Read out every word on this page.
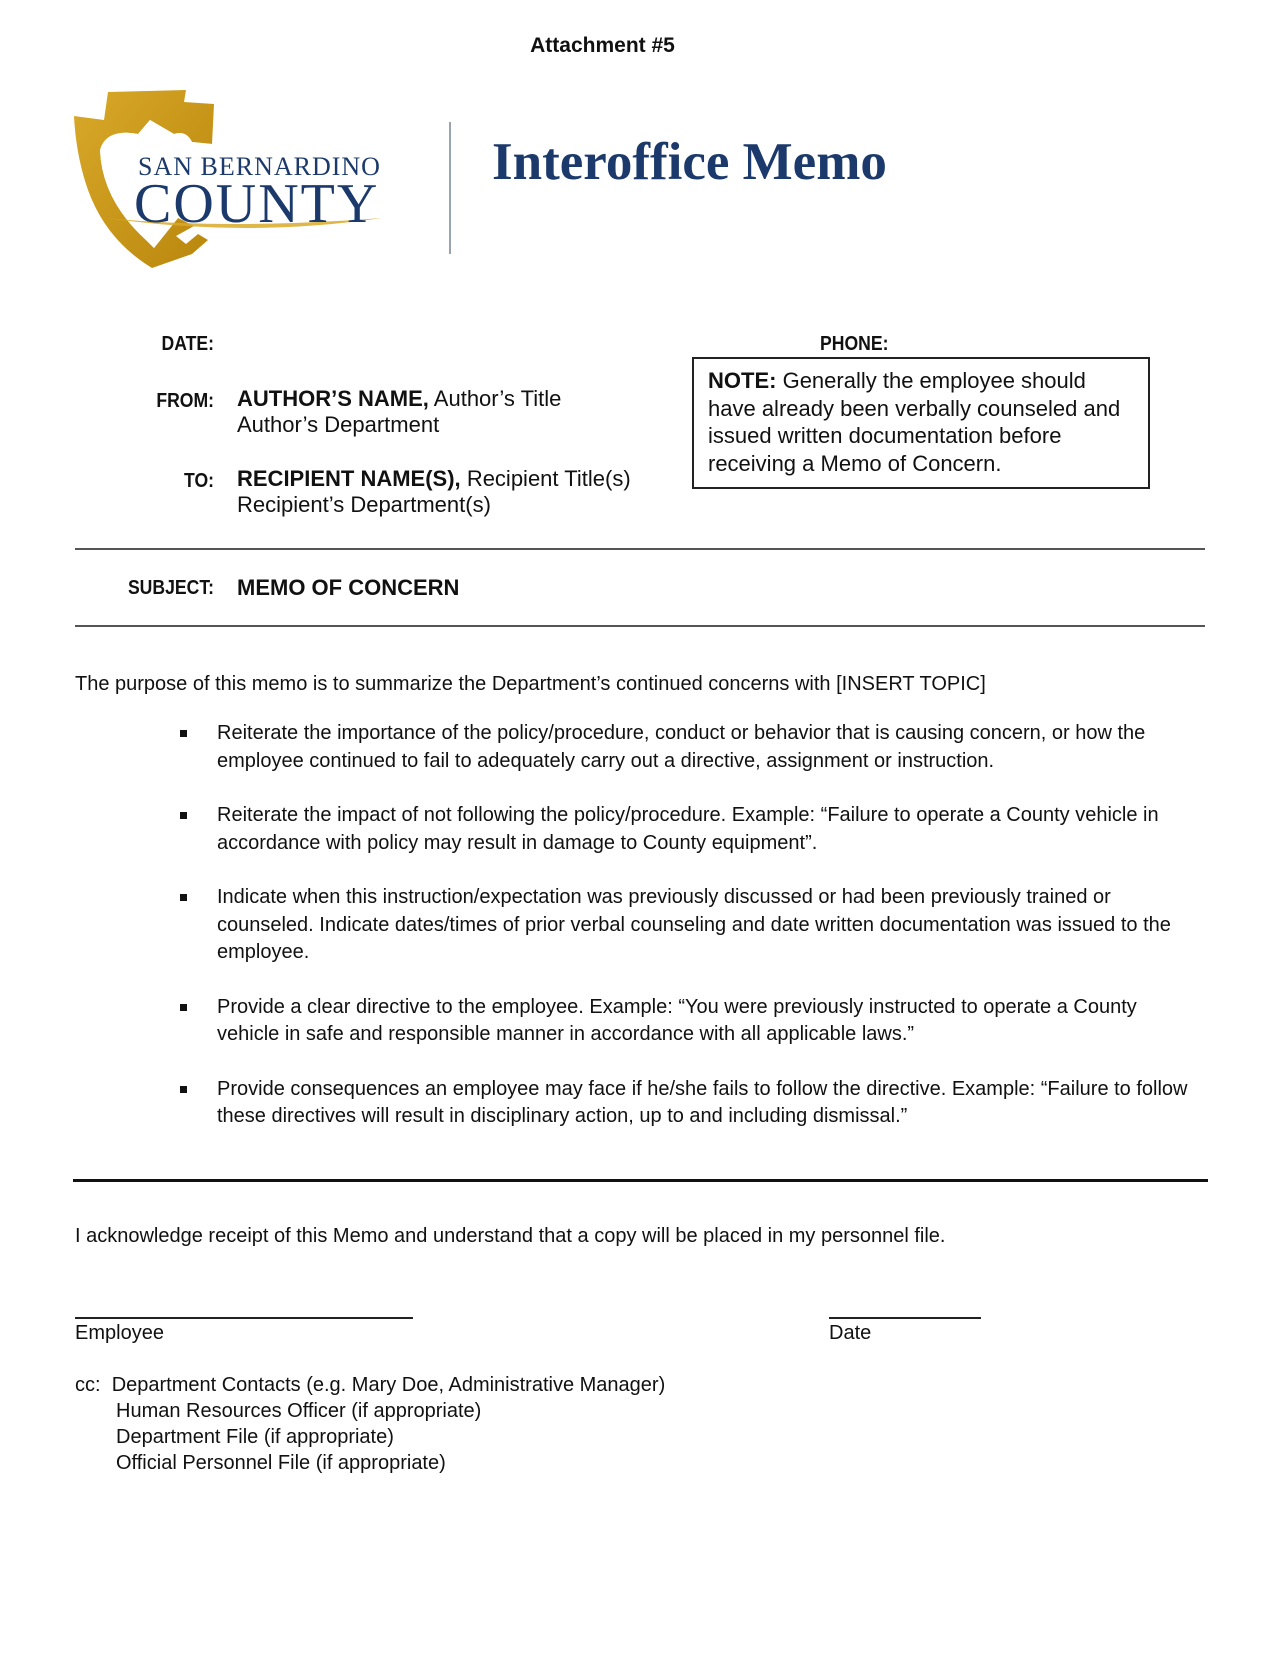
Attachment #5
SAN BERNARDINO
COUNTY
Interoffice Memo
DATE:	PHONE:
FROM: AUTHOR’S NAME, Author’s Title
Author’s Department
TO: RECIPIENT NAME(S), Recipient Title(s)
Recipient’s Department(s)
NOTE: Generally the employee should have already been verbally counseled and issued written documentation before receiving a Memo of Concern.
SUBJECT: MEMO OF CONCERN
The purpose of this memo is to summarize the Department’s continued concerns with [INSERT TOPIC]
Reiterate the importance of the policy/procedure, conduct or behavior that is causing concern, or how the employee continued to fail to adequately carry out a directive, assignment or instruction.
Reiterate the impact of not following the policy/procedure. Example: “Failure to operate a County vehicle in accordance with policy may result in damage to County equipment”.
Indicate when this instruction/expectation was previously discussed or had been previously trained or counseled. Indicate dates/times of prior verbal counseling and date written documentation was issued to the employee.
Provide a clear directive to the employee. Example: “You were previously instructed to operate a County vehicle in safe and responsible manner in accordance with all applicable laws.”
Provide consequences an employee may face if he/she fails to follow the directive. Example: “Failure to follow these directives will result in disciplinary action, up to and including dismissal.”
I acknowledge receipt of this Memo and understand that a copy will be placed in my personnel file.
Employee	Date
cc: Department Contacts (e.g. Mary Doe, Administrative Manager)
Human Resources Officer (if appropriate)
Department File (if appropriate)
Official Personnel File (if appropriate)
